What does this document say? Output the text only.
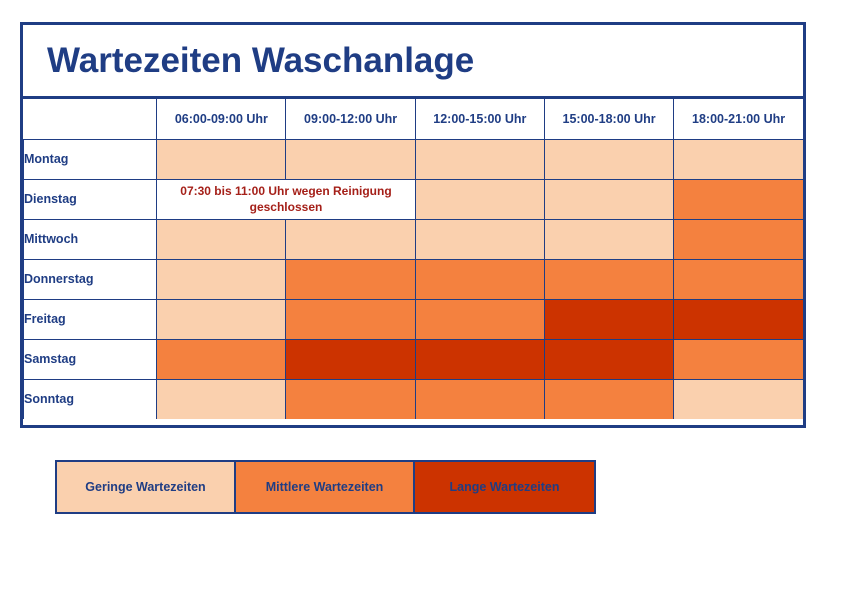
Wartezeiten Waschanlage
	06:00-09:00 Uhr	09:00-12:00 Uhr	12:00-15:00 Uhr	15:00-18:00 Uhr	18:00-21:00 Uhr
Montag					
Dienstag	07:30 bis 11:00 Uhr wegen Reinigung geschlossen				
Mittwoch					
Donnerstag					
Freitag					
Samstag					
Sonntag					
Geringe Wartezeiten	Mittlere Wartezeiten	Lange Wartezeiten
